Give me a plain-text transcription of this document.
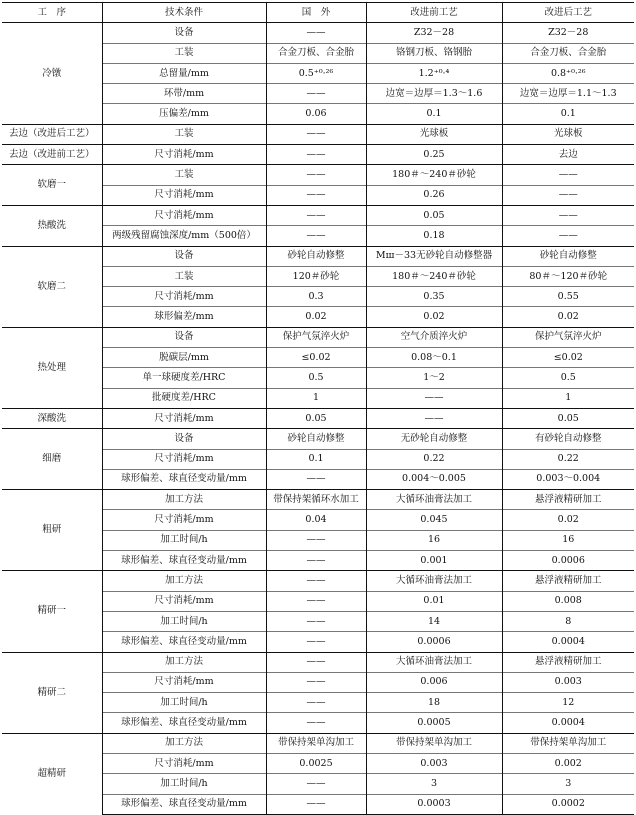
工　序	技术条件	国　外	改进前工艺	改进后工艺
冷镦	设备	——	Z32－28	Z32－28
	工装	合金刀板、合金胎	铬钢刀板、铬钢胎	合金刀板、合金胎
	总留量/mm	0.5⁺⁰·²⁶	1.2⁺⁰·⁴	0.8⁺⁰·²⁶
	环带/mm	——	边宽＝边厚＝1.3～1.6	边宽＝边厚＝1.1～1.3
	压偏差/mm	0.06	0.1	0.1
去边（改进后工艺）	工装	——	光球板	光球板
去边（改进前工艺）	尺寸消耗/mm	——	0.25	去边
软磨一	工装	——	180＃～240＃砂轮	——
	尺寸消耗/mm	——	0.26	——
热酸洗	尺寸消耗/mm	——	0.05	——
	两级残留腐蚀深度/mm（500倍）	——	0.18	——
软磨二	设备	砂轮自动修整	Mш－33无砂轮自动修整器	砂轮自动修整
	工装	120＃砂轮	180＃～240＃砂轮	80＃～120＃砂轮
	尺寸消耗/mm	0.3	0.35	0.55
	球形偏差/mm	0.02	0.02	0.02
热处理	设备	保护气氛淬火炉	空气介质淬火炉	保护气氛淬火炉
	脱碳层/mm	≤0.02	0.08～0.1	≤0.02
	单一球硬度差/HRC	0.5	1～2	0.5
	批硬度差/HRC	1	——	1
深酸洗	尺寸消耗/mm	0.05	——	0.05
细磨	设备	砂轮自动修整	无砂轮自动修整	有砂轮自动修整
	尺寸消耗/mm	0.1	0.22	0.22
	球形偏差、球直径变动量/mm	——	0.004～0.005	0.003～0.004
粗研	加工方法	带保持架循环水加工	大循环油膏法加工	悬浮液精研加工
	尺寸消耗/mm	0.04	0.045	0.02
	加工时间/h	——	16	16
	球形偏差、球直径变动量/mm	——	0.001	0.0006
精研一	加工方法	——	大循环油膏法加工	悬浮液精研加工
	尺寸消耗/mm	——	0.01	0.008
	加工时间/h	——	14	8
	球形偏差、球直径变动量/mm	——	0.0006	0.0004
精研二	加工方法	——	大循环油膏法加工	悬浮液精研加工
	尺寸消耗/mm	——	0.006	0.003
	加工时间/h	——	18	12
	球形偏差、球直径变动量/mm	——	0.0005	0.0004
超精研	加工方法	带保持架单沟加工	带保持架单沟加工	带保持架单沟加工
	尺寸消耗/mm	0.0025	0.003	0.002
	加工时间/h	——	3	3
	球形偏差、球直径变动量/mm	——	0.0003	0.0002
